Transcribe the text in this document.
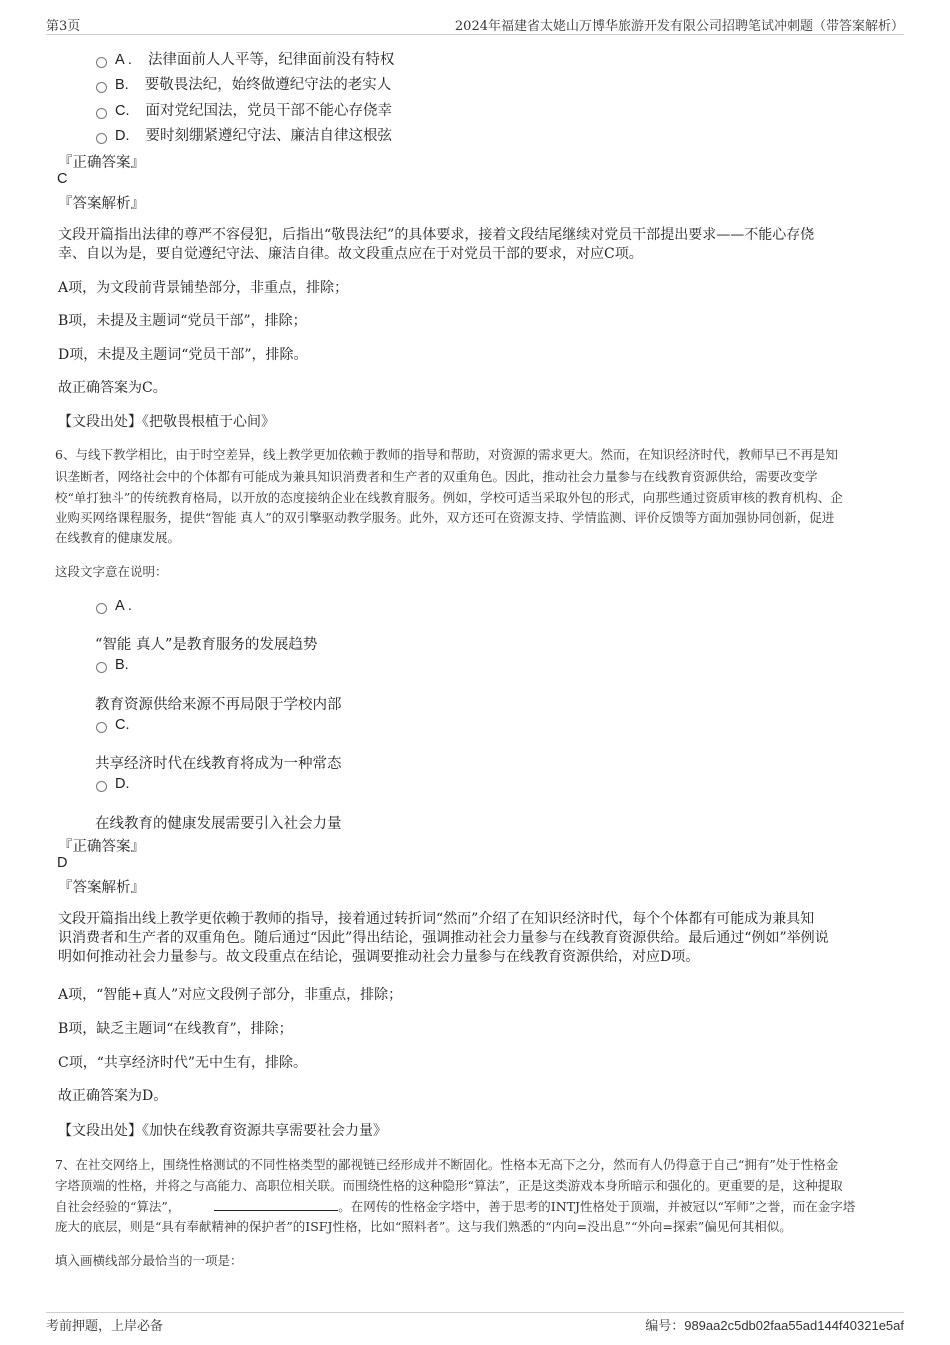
第3页	2024年福建省太姥山万博华旅游开发有限公司招聘笔试冲刺题（带答案解析）
A . 法律面前人人平等，纪律面前没有特权
B. 要敬畏法纪，始终做遵纪守法的老实人
C. 面对党纪国法，党员干部不能心存侥幸
D. 要时刻绷紧遵纪守法、廉洁自律这根弦
『正确答案』
C
『答案解析』
文段开篇指出法律的尊严不容侵犯，后指出“敬畏法纪”的具体要求，接着文段结尾继续对党员干部提出要求——不能心存侥
幸、自以为是，要自觉遵纪守法、廉洁自律。故文段重点应在于对党员干部的要求，对应C项。
A项，为文段前背景铺垫部分，非重点，排除；
B项，未提及主题词“党员干部”，排除；
D项，未提及主题词“党员干部”，排除。
故正确答案为C。
【文段出处】《把敬畏根植于心间》
6、与线下教学相比，由于时空差异，线上教学更加依赖于教师的指导和帮助，对资源的需求更大。然而，在知识经济时代，教师早已不再是知
识垄断者，网络社会中的个体都有可能成为兼具知识消费者和生产者的双重角色。因此，推动社会力量参与在线教育资源供给，需要改变学
校“单打独斗”的传统教育格局，以开放的态度接纳企业在线教育服务。例如，学校可适当采取外包的形式，向那些通过资质审核的教育机构、企
业购买网络课程服务，提供“智能 真人”的双引擎驱动教学服务。此外，双方还可在资源支持、学情监测、评价反馈等方面加强协同创新，促进
在线教育的健康发展。
这段文字意在说明：
A .
“智能 真人”是教育服务的发展趋势
B.
教育资源供给来源不再局限于学校内部
C.
共享经济时代在线教育将成为一种常态
D.
在线教育的健康发展需要引入社会力量
『正确答案』
D
『答案解析』
文段开篇指出线上教学更依赖于教师的指导，接着通过转折词“然而”介绍了在知识经济时代，每个个体都有可能成为兼具知
识消费者和生产者的双重角色。随后通过“因此”得出结论，强调推动社会力量参与在线教育资源供给。最后通过“例如”举例说
明如何推动社会力量参与。故文段重点在结论，强调要推动社会力量参与在线教育资源供给，对应D项。
A项，“智能+真人”对应文段例子部分，非重点，排除；
B项，缺乏主题词“在线教育”，排除；
C项，“共享经济时代”无中生有，排除。
故正确答案为D。
【文段出处】《加快在线教育资源共享需要社会力量》
7、在社交网络上，围绕性格测试的不同性格类型的鄙视链已经形成并不断固化。性格本无高下之分，然而有人仍得意于自己“拥有”处于性格金
字塔顶端的性格，并将之与高能力、高职位相关联。而围绕性格的这种隐形“算法”，正是这类游戏本身所暗示和强化的。更重要的是，这种提取
自社会经验的“算法”，	。在网传的性格金字塔中，善于思考的INTJ性格处于顶端，并被冠以“军师”之誉，而在金字塔
庞大的底层，则是“具有奉献精神的保护者”的ISFJ性格，比如“照料者”。这与我们熟悉的“内向=没出息”“外向=探索”偏见何其相似。
填入画横线部分最恰当的一项是：
考前押题，上岸必备	编号：989aa2c5db02faa55ad144f40321e5af
